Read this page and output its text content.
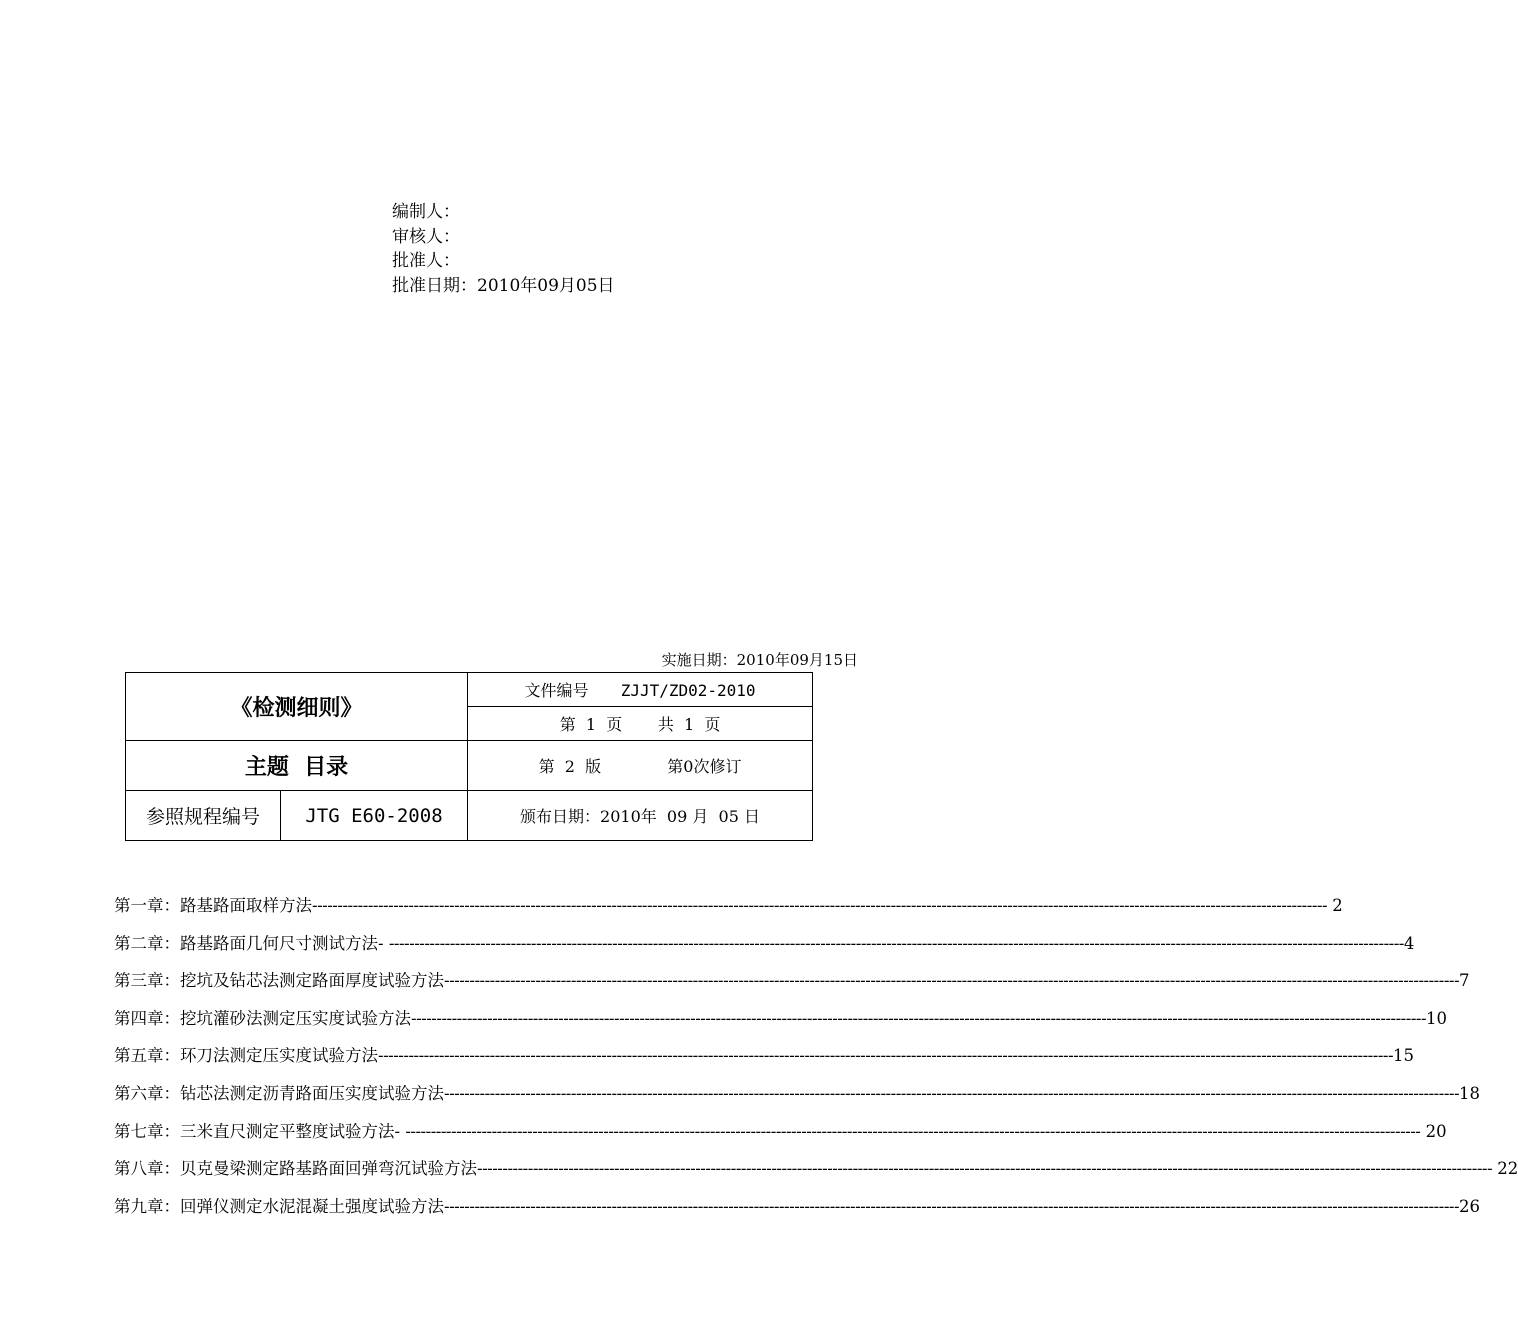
编制人：
审核人：
批准人：
批准日期：2010年09月05日
实施日期：2010年09月15日
《检测细则》		文件编号 ZJJT/ZD02-2010
		第  1  页       共  1  页
主题  目录		第  2  版 第0次修订
参照规程编号	JTG E60-2008	颁布日期：2010年  09 月  05 日
第一章：路基路面取样方法 -------------------------------------------------------------------------------------------------------------------------------------------------------------------------------------------------------- 2
第二章：路基路面几何尺寸测试方法- -------------------------------------------------------------------------------------------------------------------------------------------------------------------------------------------------------- 4
第三章：挖坑及钻芯法测定路面厚度试验方法 -------------------------------------------------------------------------------------------------------------------------------------------------------------------------------------------------------- 7
第四章：挖坑灌砂法测定压实度试验方法 -------------------------------------------------------------------------------------------------------------------------------------------------------------------------------------------------------- 10
第五章：环刀法测定压实度试验方法 -------------------------------------------------------------------------------------------------------------------------------------------------------------------------------------------------------- 15
第六章：钻芯法测定沥青路面压实度试验方法 -------------------------------------------------------------------------------------------------------------------------------------------------------------------------------------------------------- 18
第七章：三米直尺测定平整度试验方法- -------------------------------------------------------------------------------------------------------------------------------------------------------------------------------------------------------- 20
第八章：贝克曼梁测定路基路面回弹弯沉试验方法 -------------------------------------------------------------------------------------------------------------------------------------------------------------------------------------------------------- 22
第九章：回弹仪测定水泥混凝土强度试验方法 -------------------------------------------------------------------------------------------------------------------------------------------------------------------------------------------------------- 26
